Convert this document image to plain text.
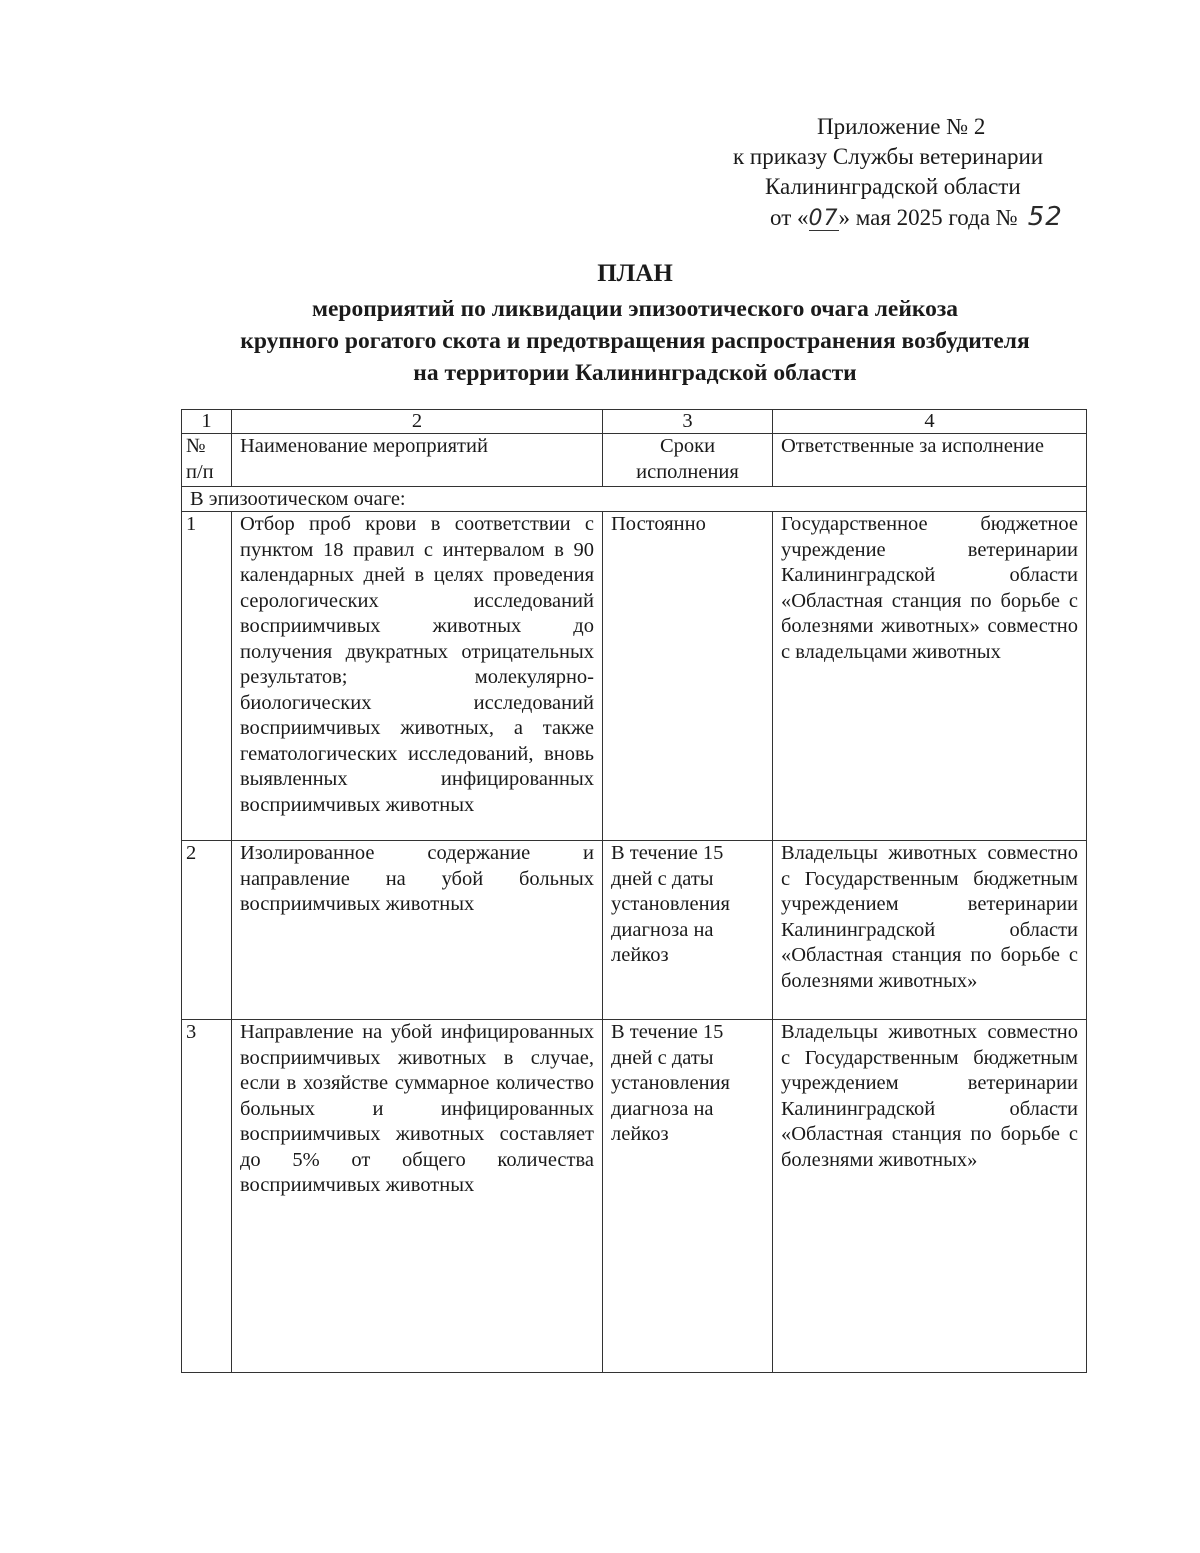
Приложение № 2
к приказу Службы ветеринарии
Калининградской области
от «07» мая 2025 года № 52
ПЛАН
мероприятий по ликвидации эпизоотического очага лейкоза
крупного рогатого скота и предотвращения распространения возбудителя
на территории Калининградской области
1	2	3	4
№ п/п	Наименование мероприятий	Сроки исполнения	Ответственные за исполнение
В эпизоотическом очаге:			
1	Отбор проб крови в соответствии с пунктом 18 правил с интервалом в 90 календарных дней в целях проведения серологических исследований восприимчивых животных до получения двукратных отрицательных результатов; молекулярно-биологических исследований восприимчивых животных, а также гематологических исследований, вновь выявленных инфицированных восприимчивых животных	Постоянно	Государственное бюджетное учреждение ветеринарии Калининградской области «Областная станция по борьбе с болезнями животных» совместно с владельцами животных
2	Изолированное содержание и направление на убой больных восприимчивых животных	В течение 15 дней с даты установления диагноза на лейкоз	Владельцы животных совместно с Государственным бюджетным учреждением ветеринарии Калининградской области «Областная станция по борьбе с болезнями животных»
3	Направление на убой инфицированных восприимчивых животных в случае, если в хозяйстве суммарное количество больных и инфицированных восприимчивых животных составляет до 5% от общего количества восприимчивых животных	В течение 15 дней с даты установления диагноза на лейкоз	Владельцы животных совместно с Государственным бюджетным учреждением ветеринарии Калининградской области «Областная станция по борьбе с болезнями животных»
